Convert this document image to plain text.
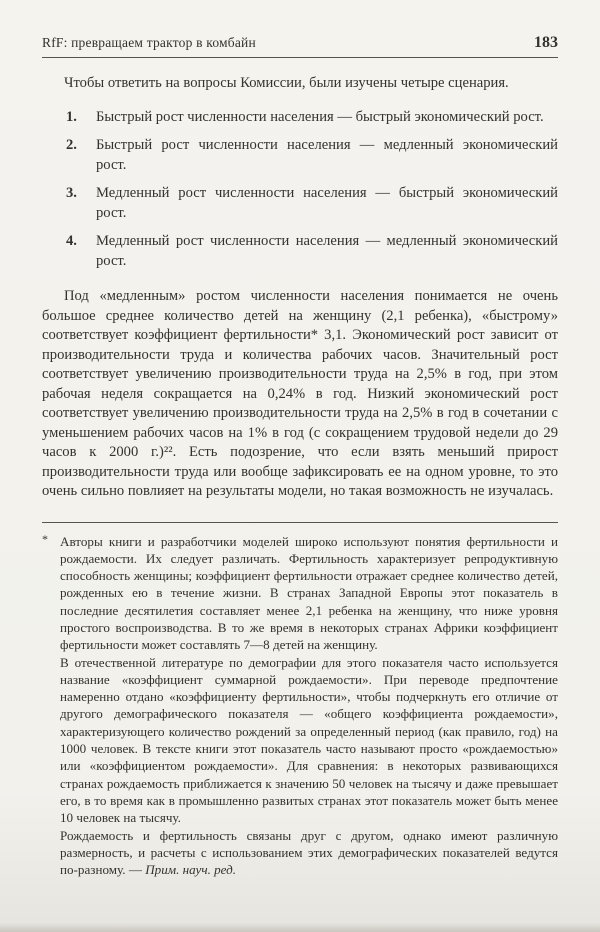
RfF: превращаем трактор в комбайн	183

Чтобы ответить на вопросы Комиссии, были изучены четыре сценария.

1. Быстрый рост численности населения — быстрый экономический рост.
2. Быстрый рост численности населения — медленный экономический рост.
3. Медленный рост численности населения — быстрый экономический рост.
4. Медленный рост численности населения — медленный экономический рост.

Под «медленным» ростом численности населения понимается не очень большое среднее количество детей на женщину (2,1 ребенка), «быстрому» соответствует коэффициент фертильности* 3,1. Экономический рост зависит от производительности труда и количества рабочих часов. Значительный рост соответствует увеличению производительности труда на 2,5% в год, при этом рабочая неделя сокращается на 0,24% в год. Низкий экономический рост соответствует увеличению производительности труда на 2,5% в год в сочетании с уменьшением рабочих часов на 1% в год (с сокращением трудовой недели до 29 часов к 2000 г.)²². Есть подозрение, что если взять меньший прирост производительности труда или вообще зафиксировать ее на одном уровне, то это очень сильно повлияет на результаты модели, но такая возможность не изучалась.

* Авторы книги и разработчики моделей широко используют понятия фертильности и рождаемости. Их следует различать. Фертильность характеризует репродуктивную способность женщины; коэффициент фертильности отражает среднее количество детей, рожденных ею в течение жизни. В странах Западной Европы этот показатель в последние десятилетия составляет менее 2,1 ребенка на женщину, что ниже уровня простого воспроизводства. В то же время в некоторых странах Африки коэффициент фертильности может составлять 7—8 детей на женщину.

В отечественной литературе по демографии для этого показателя часто используется название «коэффициент суммарной рождаемости». При переводе предпочтение намеренно отдано «коэффициенту фертильности», чтобы подчеркнуть его отличие от другого демографического показателя — «общего коэффициента рождаемости», характеризующего количество рождений за определенный период (как правило, год) на 1000 человек. В тексте книги этот показатель часто называют просто «рождаемостью» или «коэффициентом рождаемости». Для сравнения: в некоторых развивающихся странах рождаемость приближается к значению 50 человек на тысячу и даже превышает его, в то время как в промышленно развитых странах этот показатель может быть менее 10 человек на тысячу.

Рождаемость и фертильность связаны друг с другом, однако имеют различную размерность, и расчеты с использованием этих демографических показателей ведутся по-разному. — Прим. науч. ред.
